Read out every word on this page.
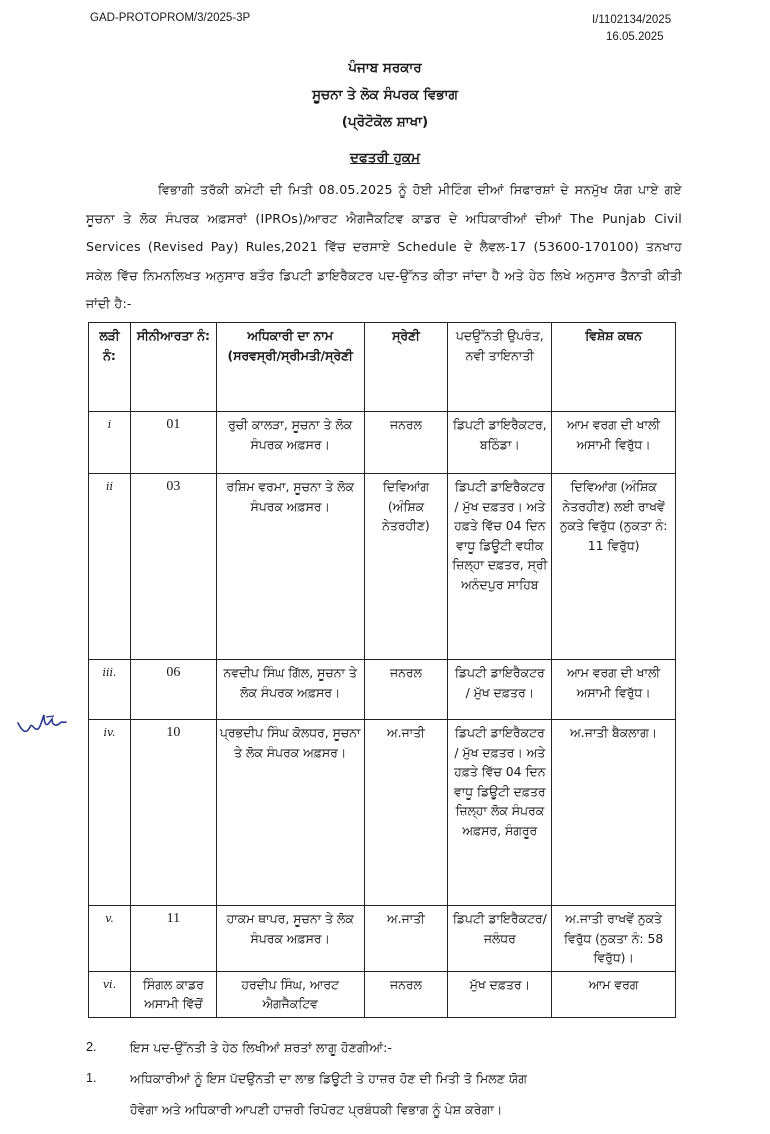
GAD-PROTOPROM/3/2025-3P	I/1102134/2025
16.05.2025
ਪੰਜਾਬ ਸਰਕਾਰ
ਸੂਚਨਾ ਤੇ ਲੋਕ ਸੰਪਰਕ ਵਿਭਾਗ
(ਪ੍ਰੋਟੋਕੋਲ ਸ਼ਾਖਾ)
ਦਫਤਰੀ ਹੁਕਮ
ਵਿਭਾਗੀ ਤਰੱਕੀ ਕਮੇਟੀ ਦੀ ਮਿਤੀ 08.05.2025 ਨੂੰ ਹੋਈ ਮੀਟਿੰਗ ਦੀਆਂ ਸਿਫਾਰਸ਼ਾਂ ਦੇ ਸਨਮੁੱਖ ਯੋਗ ਪਾਏ ਗਏ ਸੂਚਨਾ ਤੇ ਲੋਕ ਸੰਪਰਕ ਅਫ਼ਸਰਾਂ (IPROs)/ਆਰਟ ਐਗਜੈਕਟਿਵ ਕਾਡਰ ਦੇ ਅਧਿਕਾਰੀਆਂ ਦੀਆਂ The Punjab Civil Services (Revised Pay) Rules,2021 ਵਿੱਚ ਦਰਸਾਏ Schedule ਦੇ ਲੈਵਲ-17 (53600-170100) ਤਨਖਾਹ ਸਕੇਲ ਵਿੱਚ ਨਿਮਨਲਿਖਤ ਅਨੁਸਾਰ ਬਤੌਰ ਡਿਪਟੀ ਡਾਇਰੈਕਟਰ ਪਦ-ਉੱਨਤ ਕੀਤਾ ਜਾਂਦਾ ਹੈ ਅਤੇ ਹੇਠ ਲਿਖੇ ਅਨੁਸਾਰ ਤੈਨਾਤੀ ਕੀਤੀ ਜਾਂਦੀ ਹੈ:-
ਲੜੀ ਨੰ:	ਸੀਨੀਆਰਤਾ ਨੰ:	ਅਧਿਕਾਰੀ ਦਾ ਨਾਮ (ਸਰਵਸ੍ਰੀ/ਸ੍ਰੀਮਤੀ/ਸ੍ਰੇਣੀ	ਸ੍ਰੇਣੀ	ਪਦਉੱਨਤੀ ਉਪਰੰਤ, ਨਵੀ ਤਾਇਨਾਤੀ	ਵਿਸ਼ੇਸ਼ ਕਥਨ
i	01	ਰੁਚੀ ਕਾਲੜਾ, ਸੂਚਨਾ ਤੇ ਲੋਕ ਸੰਪਰਕ ਅਫ਼ਸਰ।	ਜਨਰਲ	ਡਿਪਟੀ ਡਾਇਰੈਕਟਰ, ਬਠਿੰਡਾ।	ਆਮ ਵਰਗ ਦੀ ਖਾਲੀ ਅਸਾਮੀ ਵਿਰੁੱਧ।
ii	03	ਰਸ਼ਿਮ ਵਰਮਾ, ਸੂਚਨਾ ਤੇ ਲੋਕ ਸੰਪਰਕ ਅਫ਼ਸਰ।	ਦਿਵਿਆਂਗ (ਅੰਸ਼ਿਕ ਨੇਤਰਹੀਣ)	ਡਿਪਟੀ ਡਾਇਰੈਕਟਰ / ਮੁੱਖ ਦਫ਼ਤਰ। ਅਤੇ ਹਫ਼ਤੇ ਵਿੱਚ 04 ਦਿਨ ਵਾਧੂ ਡਿਊਟੀ ਵਧੀਕ ਜ਼ਿਲ੍ਹਾ ਦਫ਼ਤਰ, ਸ੍ਰੀ ਅਨੰਦਪੁਰ ਸਾਹਿਬ	ਦਿਵਿਆਂਗ (ਅੰਸ਼ਿਕ ਨੇਤਰਹੀਣ) ਲਈ ਰਾਖਵੇਂ ਨੁਕਤੇ ਵਿਰੁੱਧ (ਨੁਕਤਾ ਨੰ: 11 ਵਿਰੁੱਧ)
iii.	06	ਨਵਦੀਪ ਸਿੰਘ ਗਿੱਲ, ਸੂਚਨਾ ਤੇ ਲੋਕ ਸੰਪਰਕ ਅਫ਼ਸਰ।	ਜਨਰਲ	ਡਿਪਟੀ ਡਾਇਰੈਕਟਰ / ਮੁੱਖ ਦਫ਼ਤਰ।	ਆਮ ਵਰਗ ਦੀ ਖਾਲੀ ਅਸਾਮੀ ਵਿਰੁੱਧ।
iv.	10	ਪ੍ਰਭਦੀਪ ਸਿੰਘ ਕੋਲਧਰ, ਸੂਚਨਾ ਤੇ ਲੋਕ ਸੰਪਰਕ ਅਫ਼ਸਰ।	ਅ.ਜਾਤੀ	ਡਿਪਟੀ ਡਾਇਰੈਕਟਰ / ਮੁੱਖ ਦਫ਼ਤਰ। ਅਤੇ ਹਫ਼ਤੇ ਵਿੱਚ 04 ਦਿਨ ਵਾਧੂ ਡਿਊਟੀ ਦਫ਼ਤਰ ਜ਼ਿਲ੍ਹਾ ਲੋਕ ਸੰਪਰਕ ਅਫ਼ਸਰ, ਸੰਗਰੂਰ	ਅ.ਜਾਤੀ ਬੈਕਲਾਗ।
v.	11	ਹਾਕਮ ਥਾਪਰ, ਸੂਚਨਾ ਤੇ ਲੋਕ ਸੰਪਰਕ ਅਫ਼ਸਰ।	ਅ.ਜਾਤੀ	ਡਿਪਟੀ ਡਾਇਰੈਕਟਰ/ ਜਲੰਧਰ	ਅ.ਜਾਤੀ ਰਾਖਵੇਂ ਨੁਕਤੇ ਵਿਰੁੱਧ (ਨੁਕਤਾ ਨੰ: 58 ਵਿਰੁੱਧ)।
vi.	ਸਿੰਗਲ ਕਾਡਰ ਅਸਾਮੀ ਵਿੱਚੋਂ	ਹਰਦੀਪ ਸਿੰਘ, ਆਰਟ ਐਗਜੈਕਟਿਵ	ਜਨਰਲ	ਮੁੱਖ ਦਫ਼ਤਰ।	ਆਮ ਵਰਗ
2.	ਇਸ ਪਦ-ਉੱਨਤੀ ਤੇ ਹੇਠ ਲਿਖੀਆਂ ਸ਼ਰਤਾਂ ਲਾਗੂ ਹੋਣਗੀਆਂ:-
1.	ਅਧਿਕਾਰੀਆਂ ਨੂੰ ਇਸ ਪੱਦਉਨਤੀ ਦਾ ਲਾਭ ਡਿਊਟੀ ਤੇ ਹਾਜ਼ਰ ਹੋਣ ਦੀ ਮਿਤੀ ਤੋ ਮਿਲਣ ਯੋਗ
ਹੋਵੇਗਾ ਅਤੇ ਅਧਿਕਾਰੀ ਆਪਣੀ ਹਾਜ਼ਰੀ ਰਿਪੋਰਟ ਪ੍ਰਬੰਧਕੀ ਵਿਭਾਗ ਨੂੰ ਪੇਸ਼ ਕਰੇਗਾ।
